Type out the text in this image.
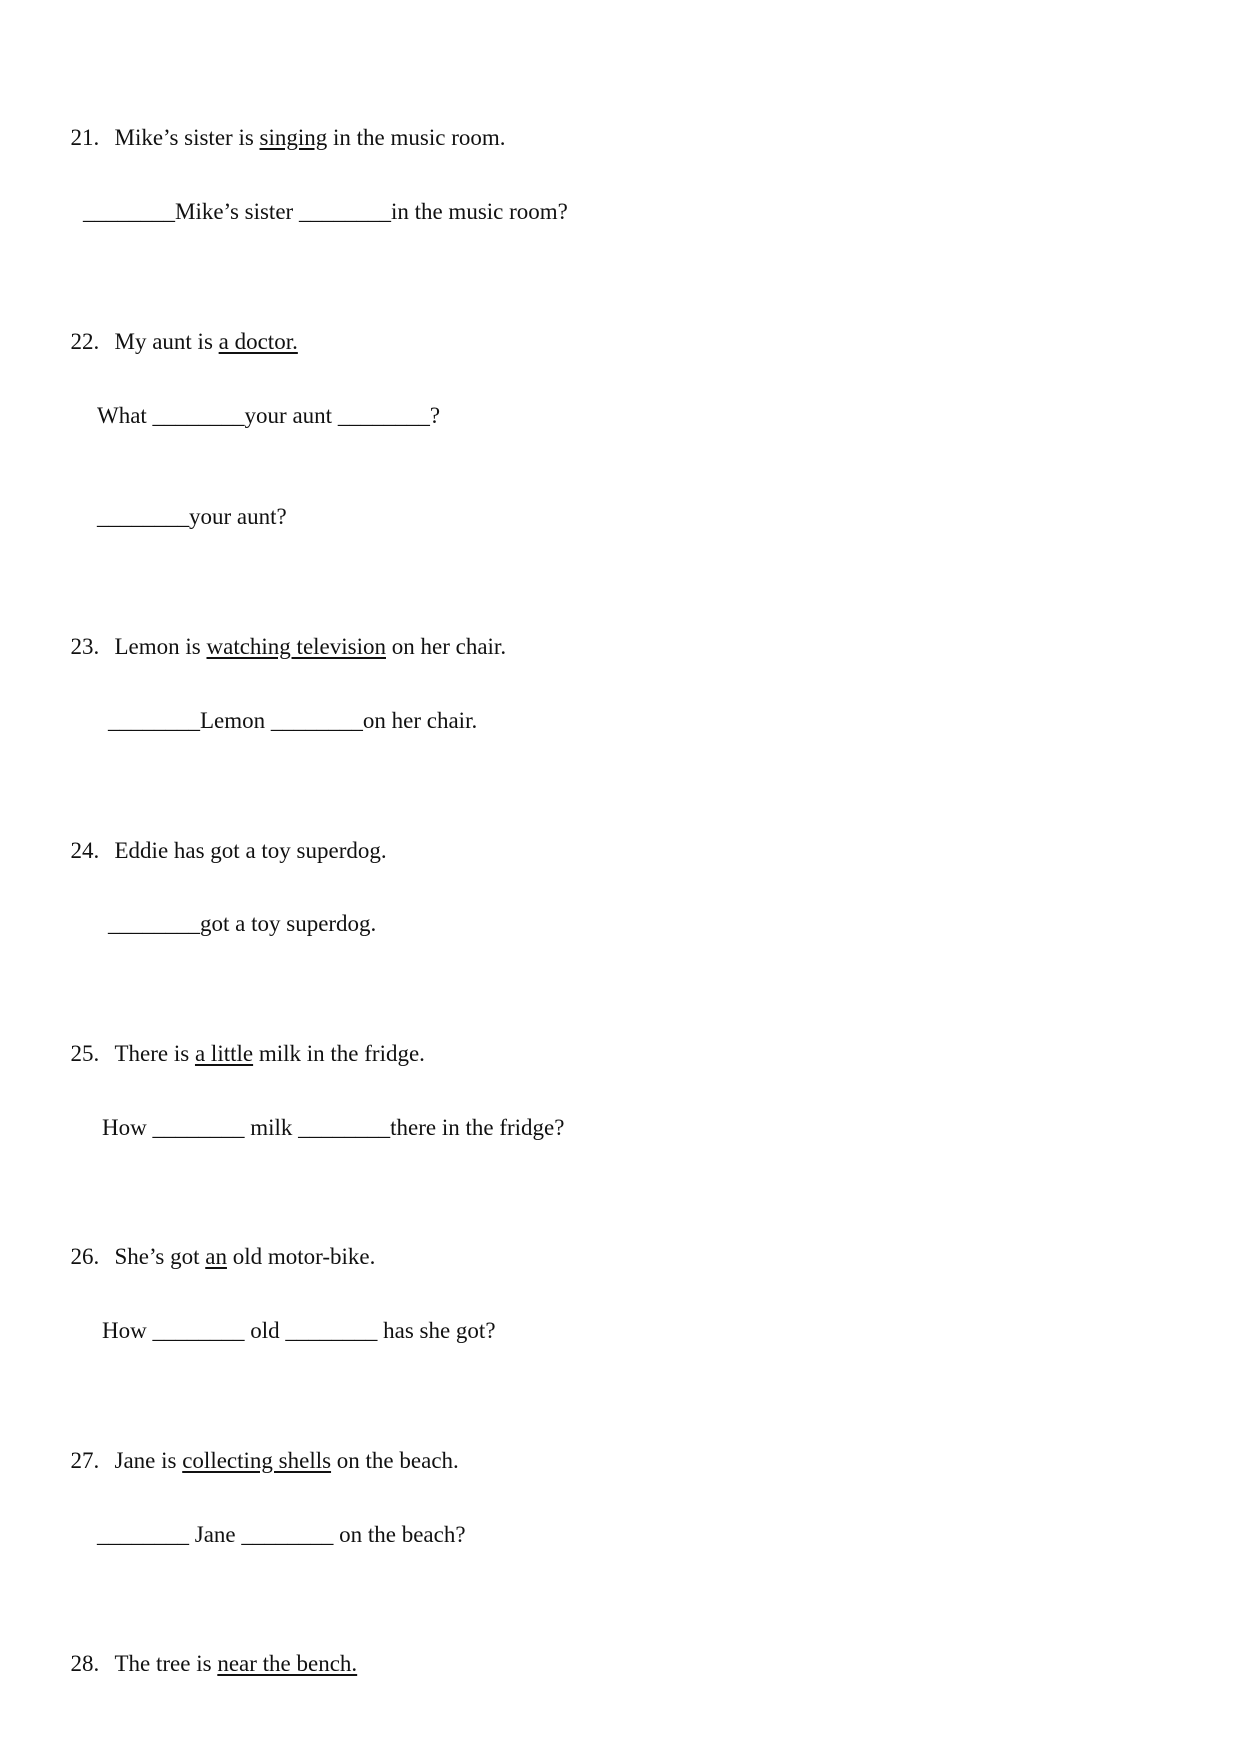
21. Mike’s sister is singing in the music room.

________Mike’s sister ________in the music room?

22. My aunt is a doctor.

What ________your aunt ________?
________your aunt?

23. Lemon is watching television on her chair.

________Lemon ________on her chair.

24. Eddie has got a toy superdog.

________got a toy superdog.

25. There is a little milk in the fridge.

How ________ milk ________there in the fridge?

26. She’s got an old motor-bike.

How ________ old ________ has she got?

27. Jane is collecting shells on the beach.

________ Jane ________ on the beach?

28. The tree is near the bench.
